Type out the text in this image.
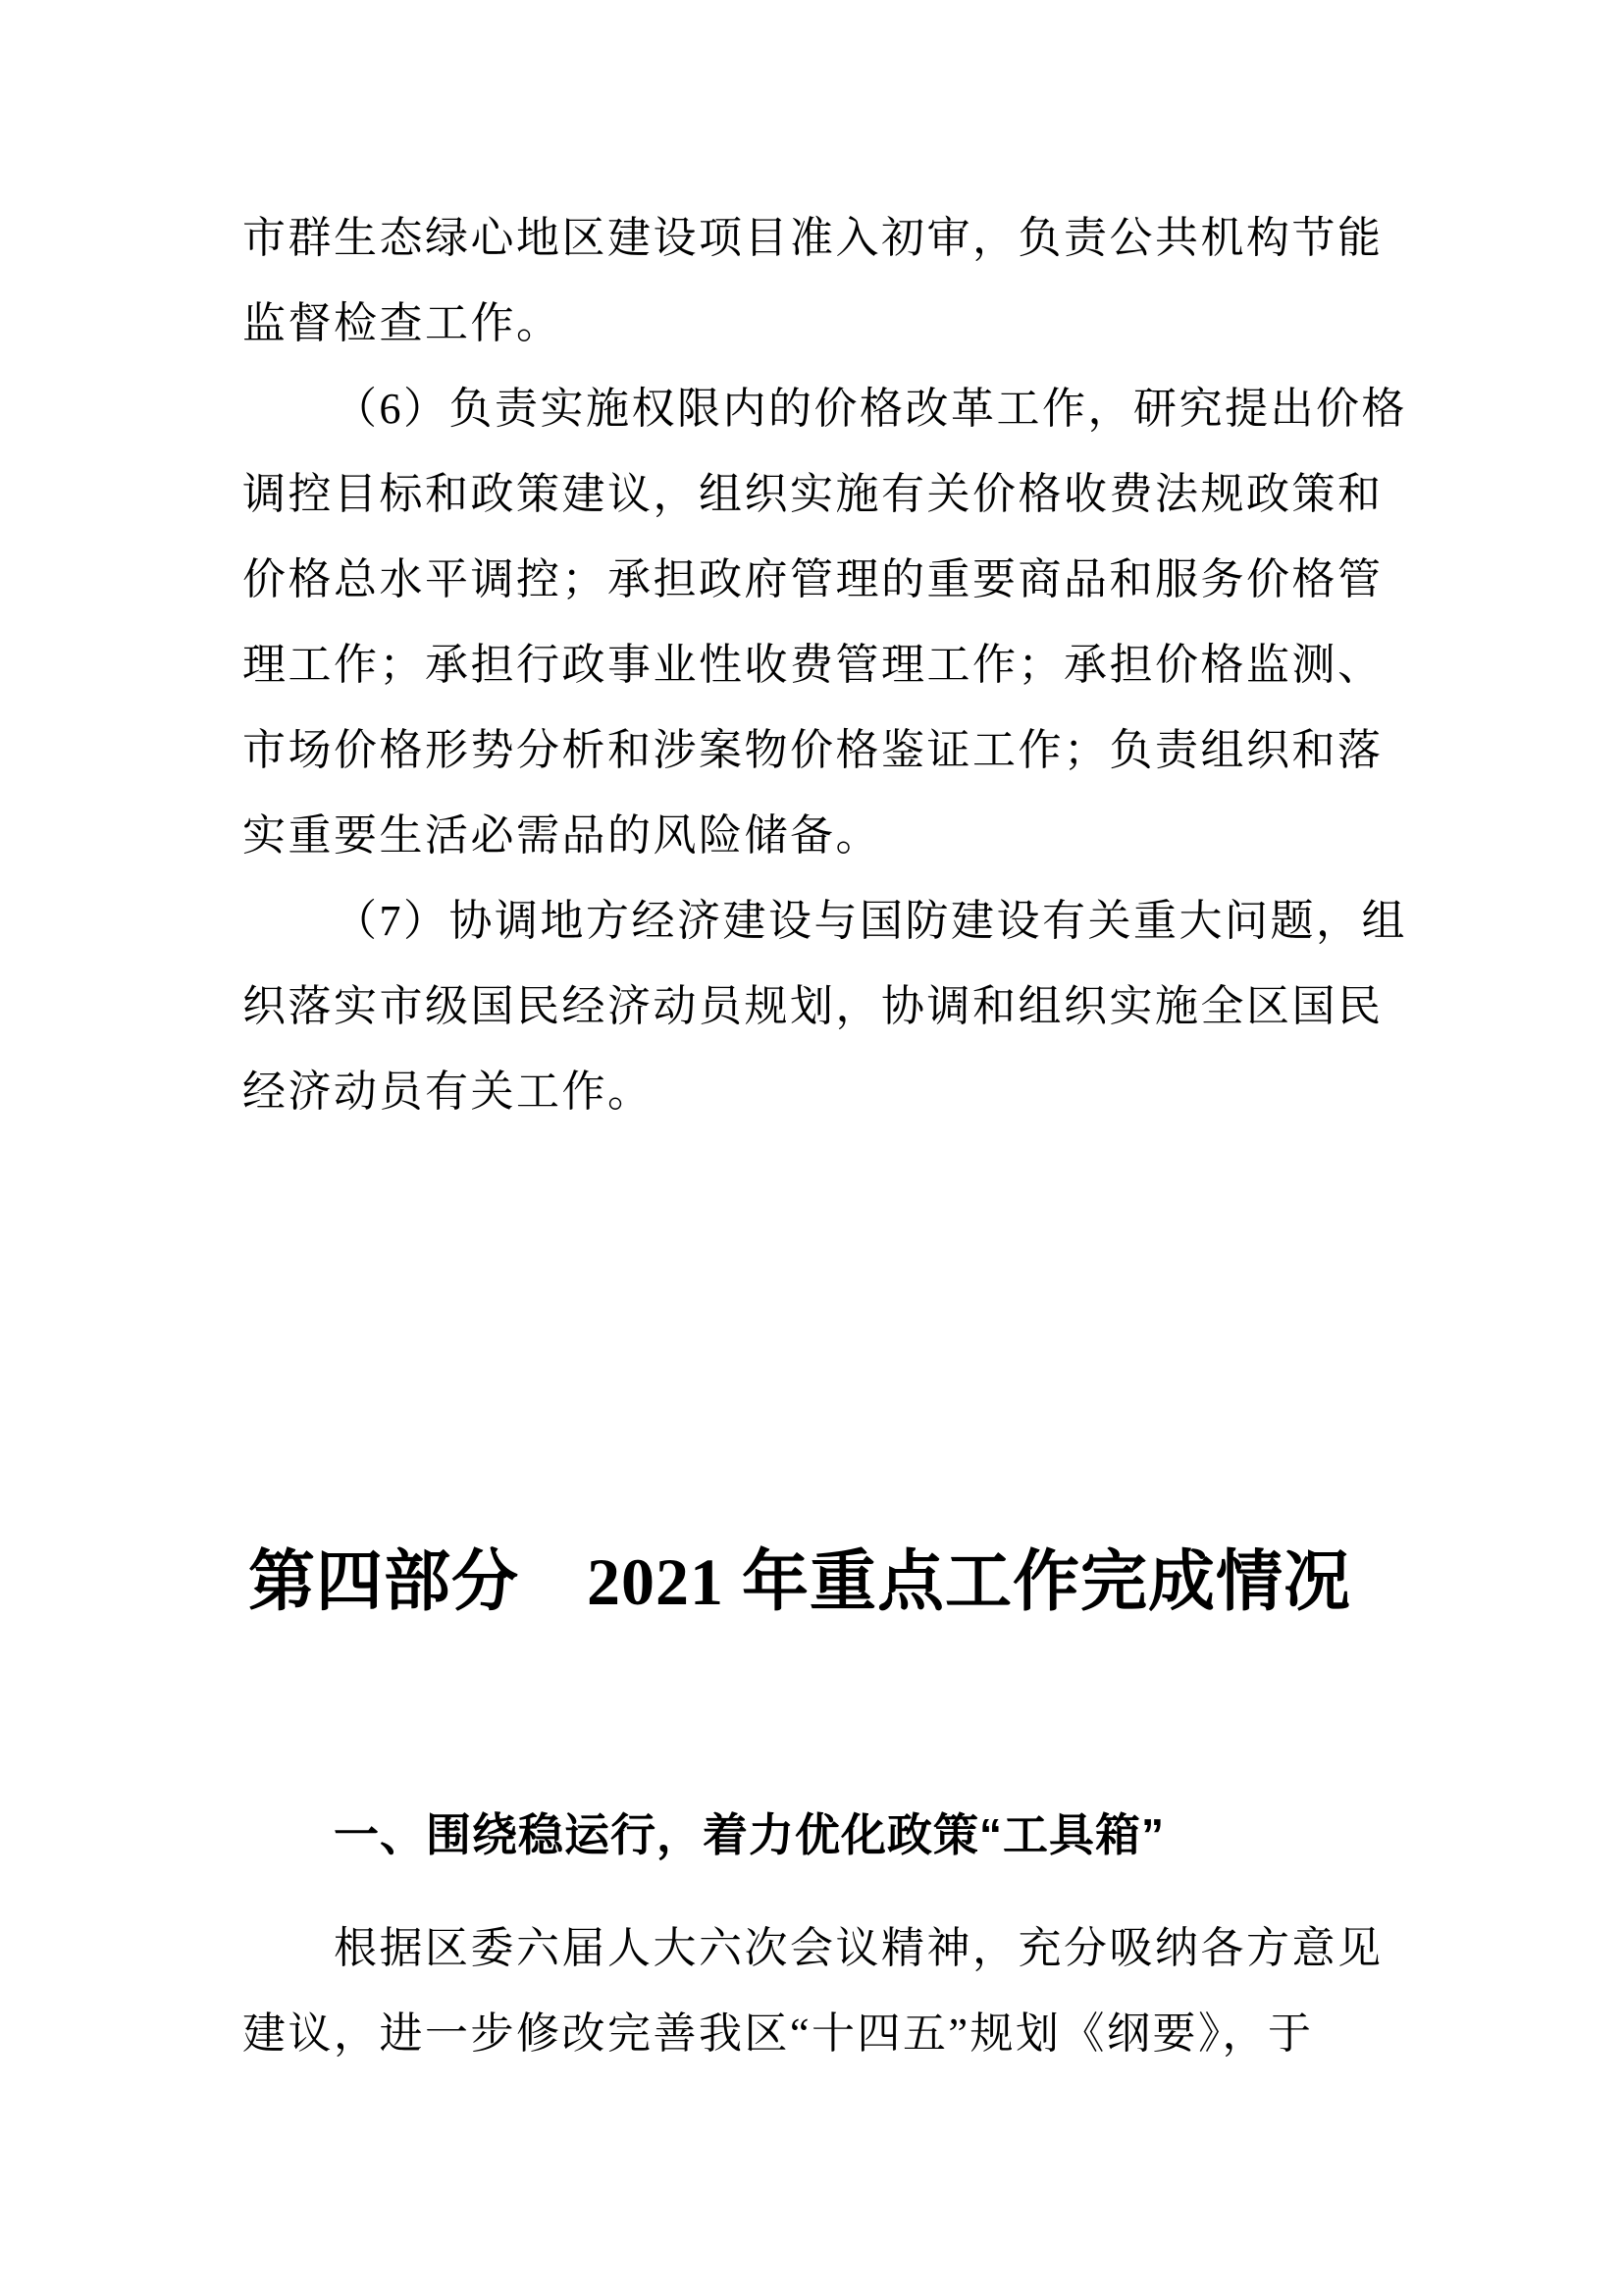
市群生态绿心地区建设项目准入初审，负责公共机构节能
监督检查工作。
（6）负责实施权限内的价格改革工作，研究提出价格
调控目标和政策建议，组织实施有关价格收费法规政策和
价格总水平调控；承担政府管理的重要商品和服务价格管
理工作；承担行政事业性收费管理工作；承担价格监测、
市场价格形势分析和涉案物价格鉴证工作；负责组织和落
实重要生活必需品的风险储备。
（7）协调地方经济建设与国防建设有关重大问题，组
织落实市级国民经济动员规划，协调和组织实施全区国民
经济动员有关工作。
第四部分　2021 年重点工作完成情况
一、围绕稳运行，着力优化政策“工具箱”
根据区委六届人大六次会议精神，充分吸纳各方意见
建议，进一步修改完善我区“十四五”规划《纲要》，于
